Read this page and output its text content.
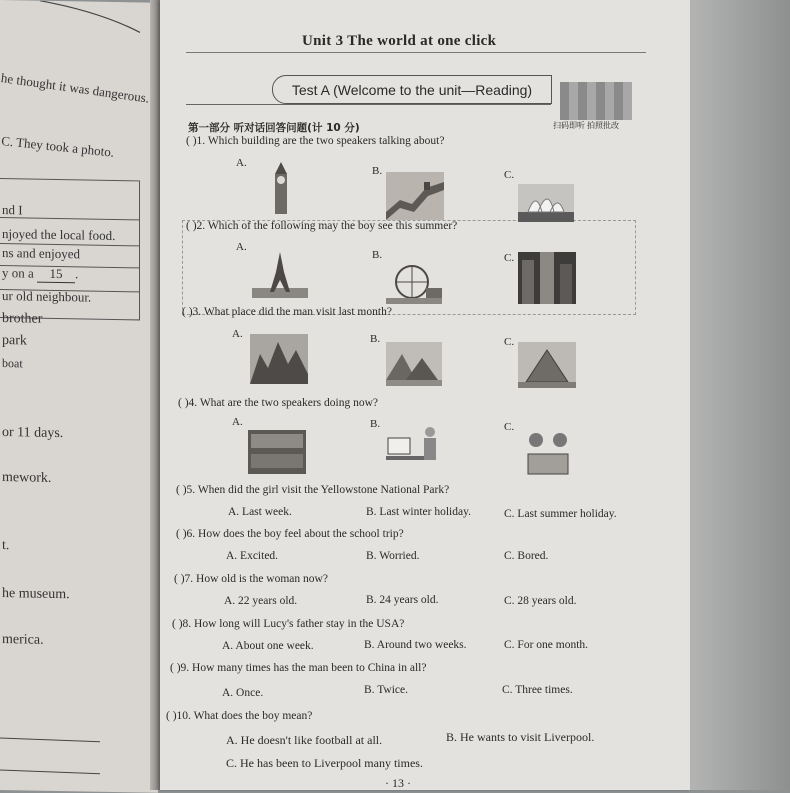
he thought it was dangerous.
C. They took a photo.
nd I
njoyed the local food.
ns and enjoyed
y on a 15 .
ur old neighbour.
brother
park
boat
or 11 days.
mework.
t.
he museum.
merica.
Unit 3 The world at one click
Test A (Welcome to the unit—Reading)
扫码即听 拍照批改
第一部分 听对话回答问题(计 10 分)
( )1. Which building are the two speakers talking about?
A.
B.	C.
( )2. Which of the following may the boy see this summer?
A.
B.	C.
( )3. What place did the man visit last month?
A.	B.	C.
( )4. What are the two speakers doing now?
A.	B.	C.
( )5. When did the girl visit the Yellowstone National Park?
A. Last week.	B. Last winter holiday.	C. Last summer holiday.
( )6. How does the boy feel about the school trip?
A. Excited.	B. Worried.	C. Bored.
( )7. How old is the woman now?
A. 22 years old.	B. 24 years old.	C. 28 years old.
( )8. How long will Lucy's father stay in the USA?
A. About one week.	B. Around two weeks.	C. For one month.
( )9. How many times has the man been to China in all?
A. Once.	B. Twice.	C. Three times.
( )10. What does the boy mean?
A. He doesn't like football at all.	B. He wants to visit Liverpool.
C. He has been to Liverpool many times.
· 13 ·
